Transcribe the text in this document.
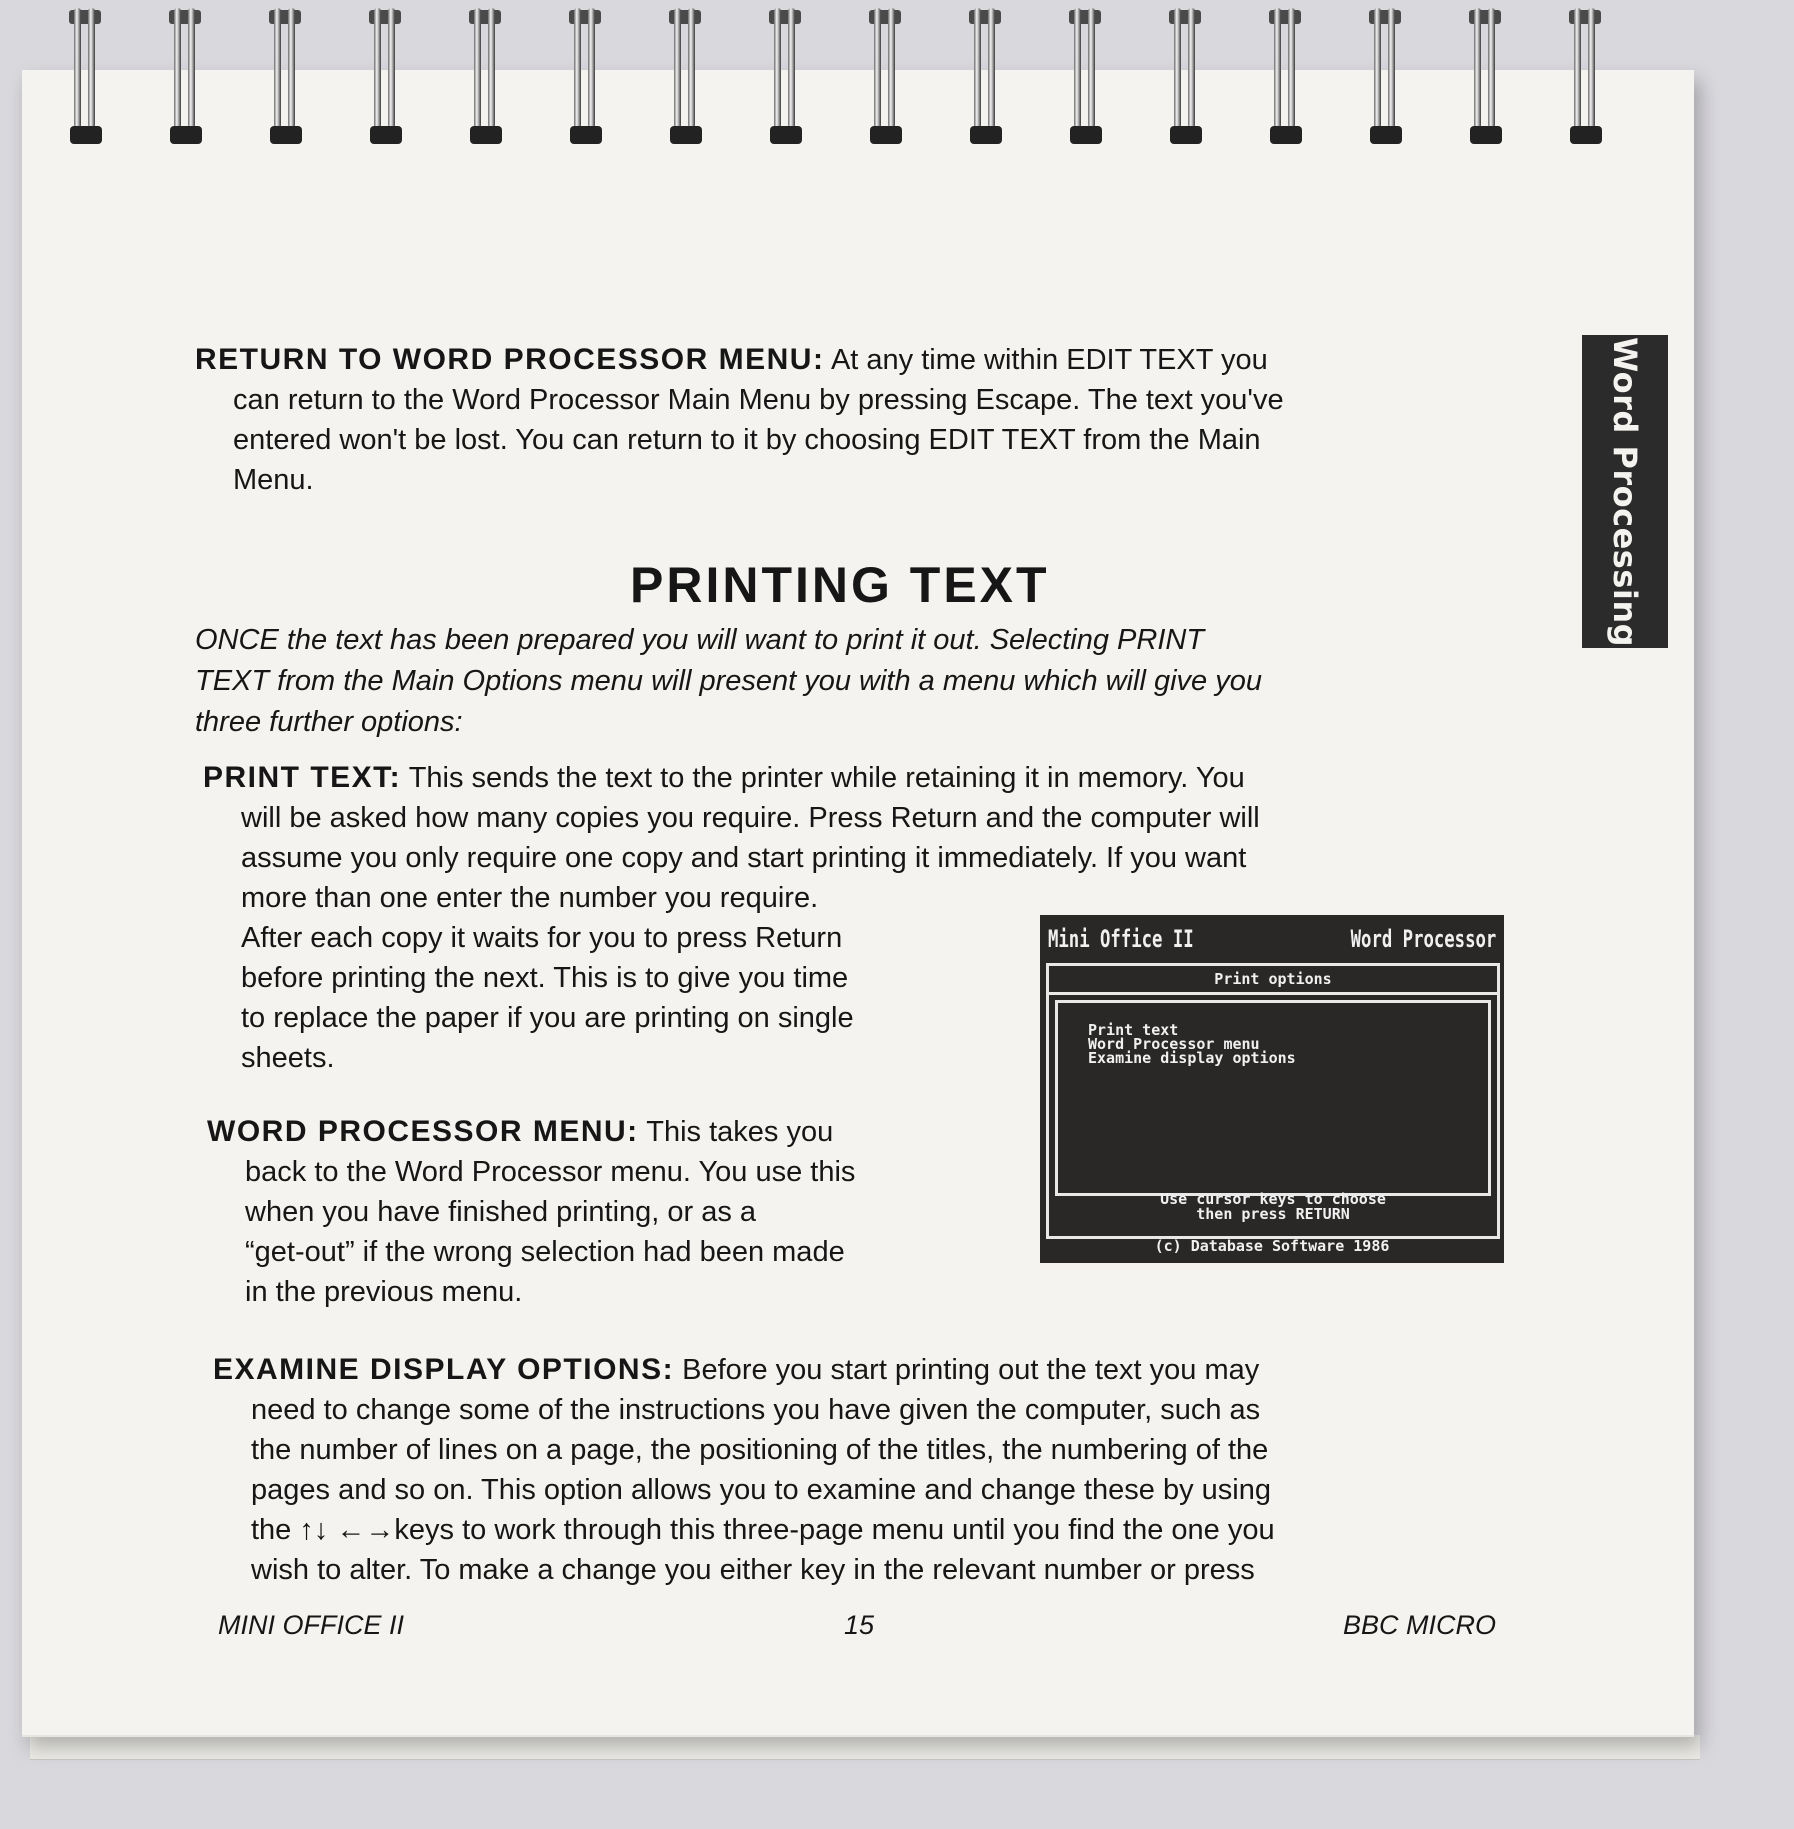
Word Processing
RETURN TO WORD PROCESSOR MENU: At any time within EDIT TEXT you
can return to the Word Processor Main Menu by pressing Escape. The text you've
entered won't be lost. You can return to it by choosing EDIT TEXT from the Main
Menu.
PRINTING TEXT
ONCE the text has been prepared you will want to print it out. Selecting PRINT
TEXT from the Main Options menu will present you with a menu which will give you
three further options:
PRINT TEXT: This sends the text to the printer while retaining it in memory. You
will be asked how many copies you require. Press Return and the computer will
assume you only require one copy and start printing it immediately. If you want
more than one enter the number you require.
After each copy it waits for you to press Return
before printing the next. This is to give you time
to replace the paper if you are printing on single
sheets.
WORD PROCESSOR MENU: This takes you
back to the Word Processor menu. You use this
when you have finished printing, or as a
“get-out” if the wrong selection had been made
in the previous menu.
Mini Office II	Word Processor
Print options
Print text
Word Processor menu
Examine display options
Use cursor keys to choose
then press RETURN
(c) Database Software 1986
EXAMINE DISPLAY OPTIONS: Before you start printing out the text you may
need to change some of the instructions you have given the computer, such as
the number of lines on a page, the positioning of the titles, the numbering of the
pages and so on. This option allows you to examine and change these by using
the ↑↓ ←→keys to work through this three-page menu until you find the one you
wish to alter. To make a change you either key in the relevant number or press
MINI OFFICE II	15	BBC MICRO
